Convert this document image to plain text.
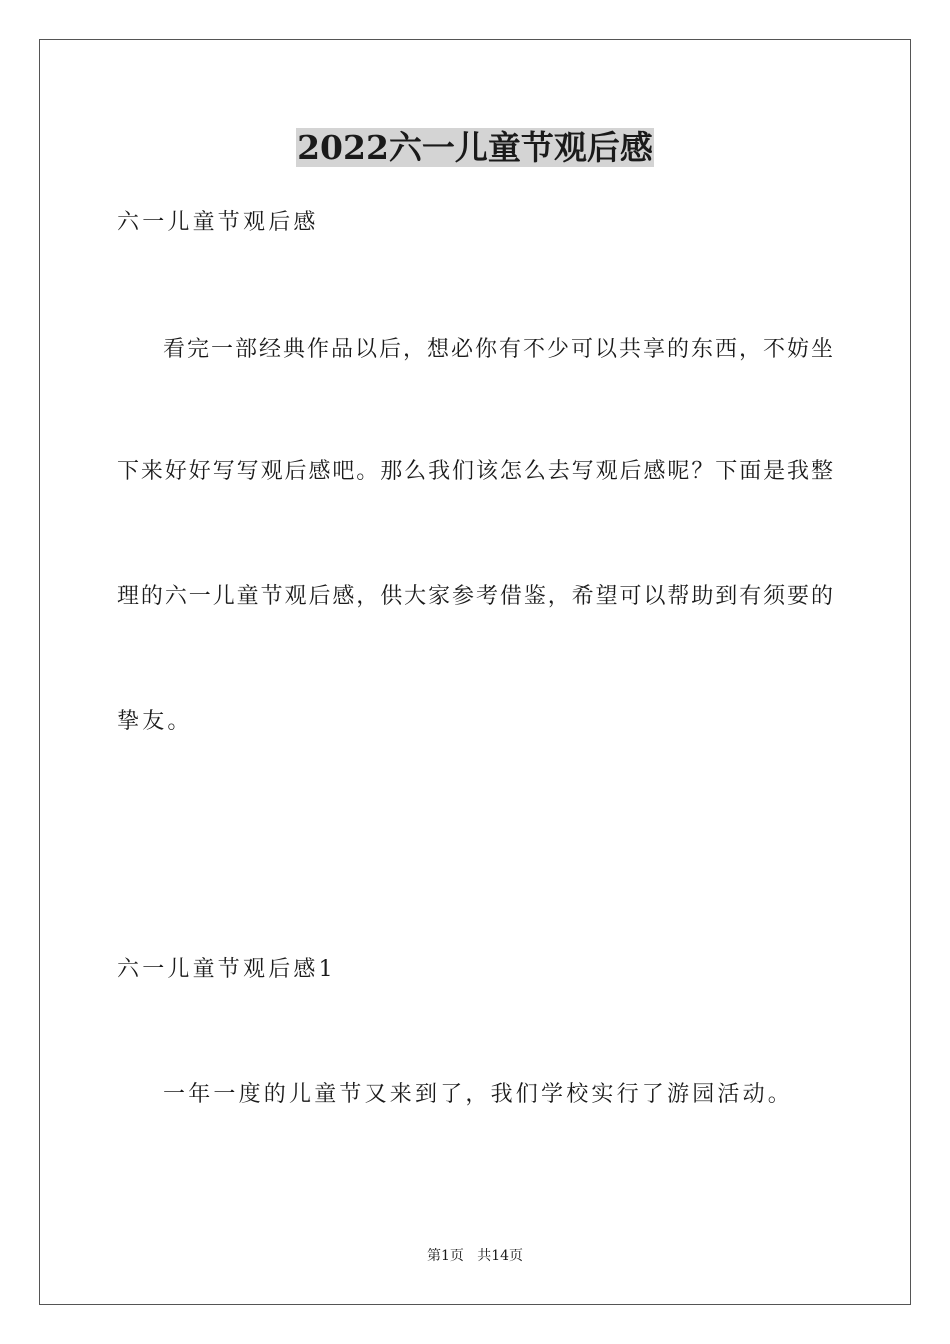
2022六一儿童节观后感
六一儿童节观后感
看完一部经典作品以后，想必你有不少可以共享的东西，不妨坐
下来好好写写观后感吧。那么我们该怎么去写观后感呢？下面是我整
理的六一儿童节观后感，供大家参考借鉴，希望可以帮助到有须要的
挚友。
六一儿童节观后感1
一年一度的儿童节又来到了，我们学校实行了游园活动。
第1页   共14页
